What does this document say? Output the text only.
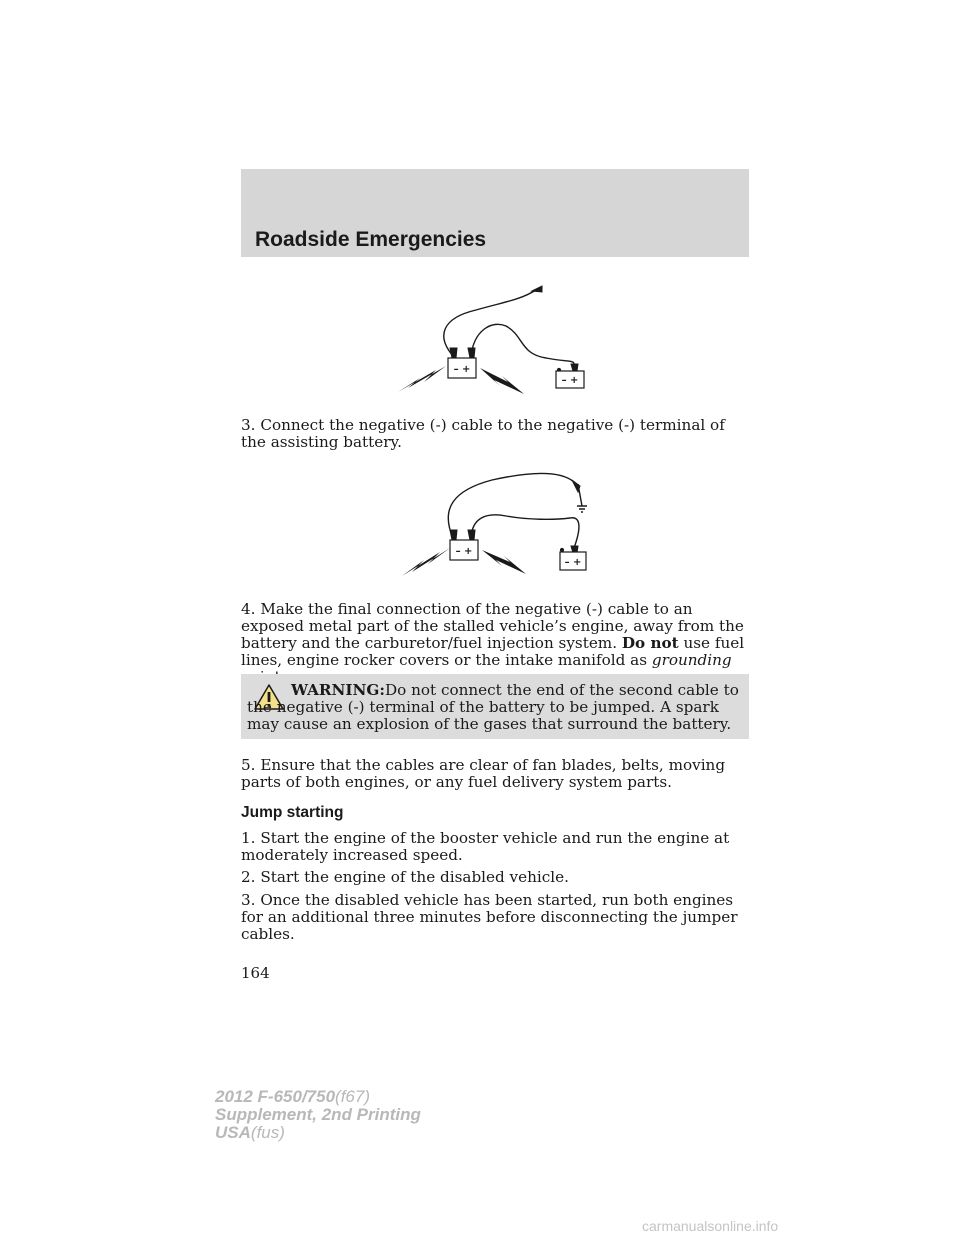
Roadside Emergencies
– +
– +

3. Connect the negative (-) cable to the negative (-) terminal of the assisting battery.

– +
– +

4. Make the final connection of the negative (-) cable to an exposed metal part of the stalled vehicle’s engine, away from the battery and the carburetor/fuel injection system. Do not use fuel lines, engine rocker covers or the intake manifold as grounding

WARNING:Do not connect the end of the second cable to the negative (-) terminal of the battery to be jumped. A spark may cause an explosion of the gases that surround the battery.

5. Ensure that the cables are clear of fan blades, belts, moving parts of both engines, or any fuel delivery system parts.

Jump starting

1. Start the engine of the booster vehicle and run the engine at moderately increased speed.

2. Start the engine of the disabled vehicle.

3. Once the disabled vehicle has been started, run both engines for an additional three minutes before disconnecting the jumper cables.

164
2012 F-650/750(f67)
Supplement, 2nd Printing
USA(fus)
carmanualsonline.info
